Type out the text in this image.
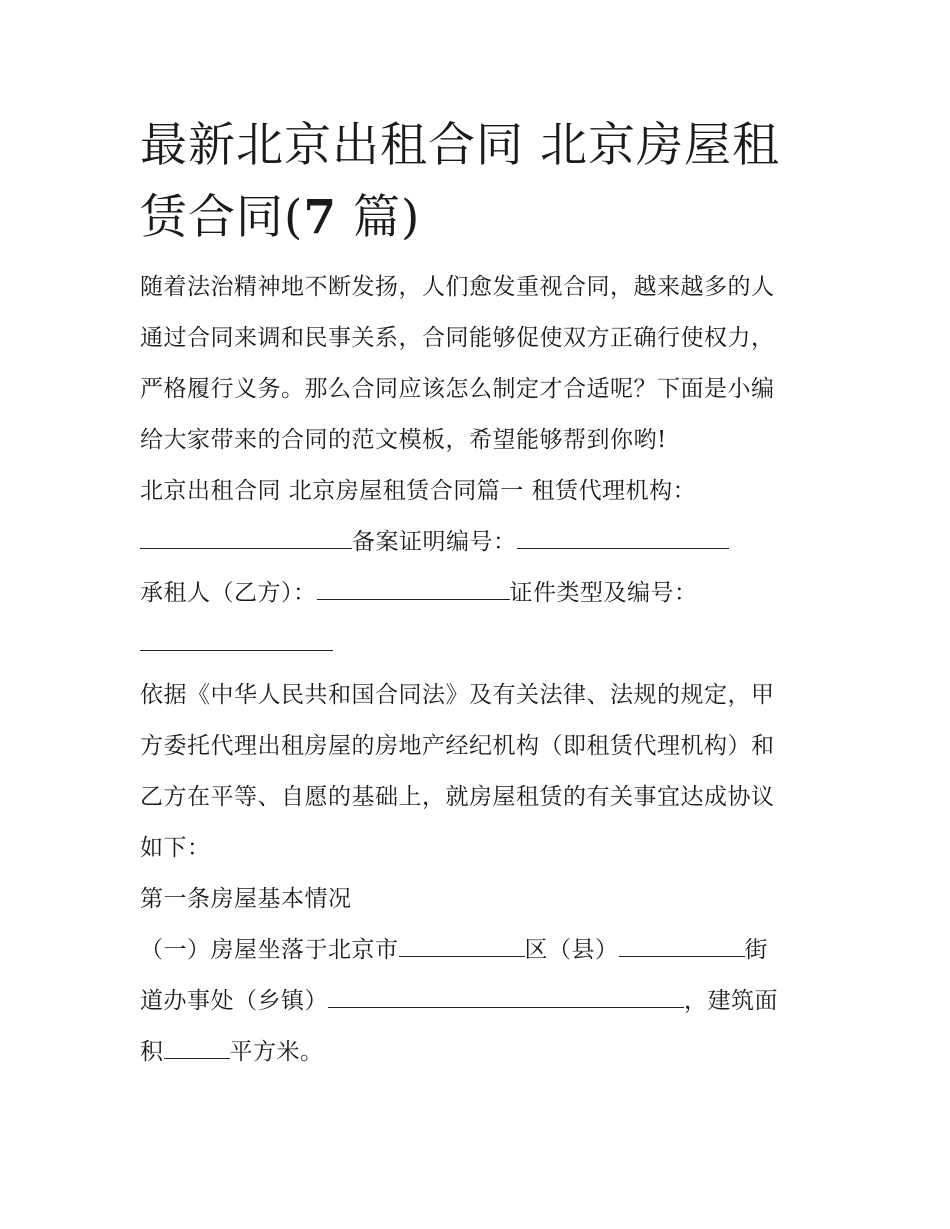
最新北京出租合同 北京房屋租赁合同(7 篇)

随着法治精神地不断发扬，人们愈发重视合同，越来越多的人

通过合同来调和民事关系，合同能够促使双方正确行使权力，

严格履行义务。那么合同应该怎么制定才合适呢？下面是小编

给大家带来的合同的范文模板，希望能够帮到你哟!

北京出租合同 北京房屋租赁合同篇一 租赁代理机构：

备案证明编号：

承租人（乙方）：	证件类型及编号：

依据《中华人民共和国合同法》及有关法律、法规的规定，甲

方委托代理出租房屋的房地产经纪机构（即租赁代理机构）和

乙方在平等、自愿的基础上，就房屋租赁的有关事宜达成协议

如下：

第一条房屋基本情况

（一）房屋坐落于北京市	区（县）	街

道办事处（乡镇）	，建筑面

积	平方米。
